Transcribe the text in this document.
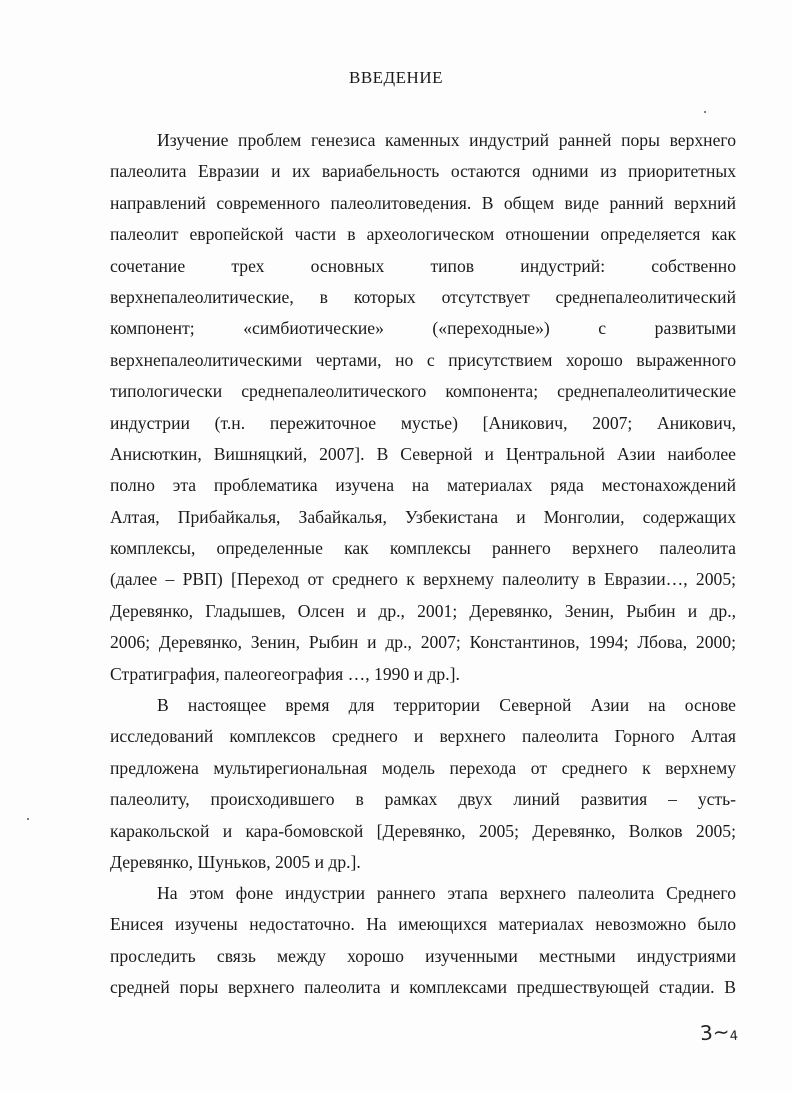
ВВЕДЕНИЕ
Изучение проблем генезиса каменных индустрий ранней поры верхнего
палеолита Евразии и их вариабельность остаются одними из приоритетных
направлений современного палеолитоведения. В общем виде ранний верхний
палеолит европейской части в археологическом отношении определяется как
сочетание трех основных типов индустрий: собственно
верхнепалеолитические, в которых отсутствует среднепалеолитический
компонент; «симбиотические» («переходные») с развитыми
верхнепалеолитическими чертами, но с присутствием хорошо выраженного
типологически среднепалеолитического компонента; среднепалеолитические
индустрии (т.н. пережиточное мустье) [Аникович, 2007; Аникович,
Анисюткин, Вишняцкий, 2007]. В Северной и Центральной Азии наиболее
полно эта проблематика изучена на материалах ряда местонахождений
Алтая, Прибайкалья, Забайкалья, Узбекистана и Монголии, содержащих
комплексы, определенные как комплексы раннего верхнего палеолита
(далее – РВП) [Переход от среднего к верхнему палеолиту в Евразии…, 2005;
Деревянко, Гладышев, Олсен и др., 2001; Деревянко, Зенин, Рыбин и др.,
2006; Деревянко, Зенин, Рыбин и др., 2007; Константинов, 1994; Лбова, 2000;
Стратиграфия, палеогеография …, 1990 и др.].
В настоящее время для территории Северной Азии на основе
исследований комплексов среднего и верхнего палеолита Горного Алтая
предложена мультирегиональная модель перехода от среднего к верхнему
палеолиту, происходившего в рамках двух линий развития – усть-
каракольской и кара-бомовской [Деревянко, 2005; Деревянко, Волков 2005;
Деревянко, Шуньков, 2005 и др.].
На этом фоне индустрии раннего этапа верхнего палеолита Среднего
Енисея изучены недостаточно. На имеющихся материалах невозможно было
проследить связь между хорошо изученными местными индустриями
средней поры верхнего палеолита и комплексами предшествующей стадии. В
3~4
